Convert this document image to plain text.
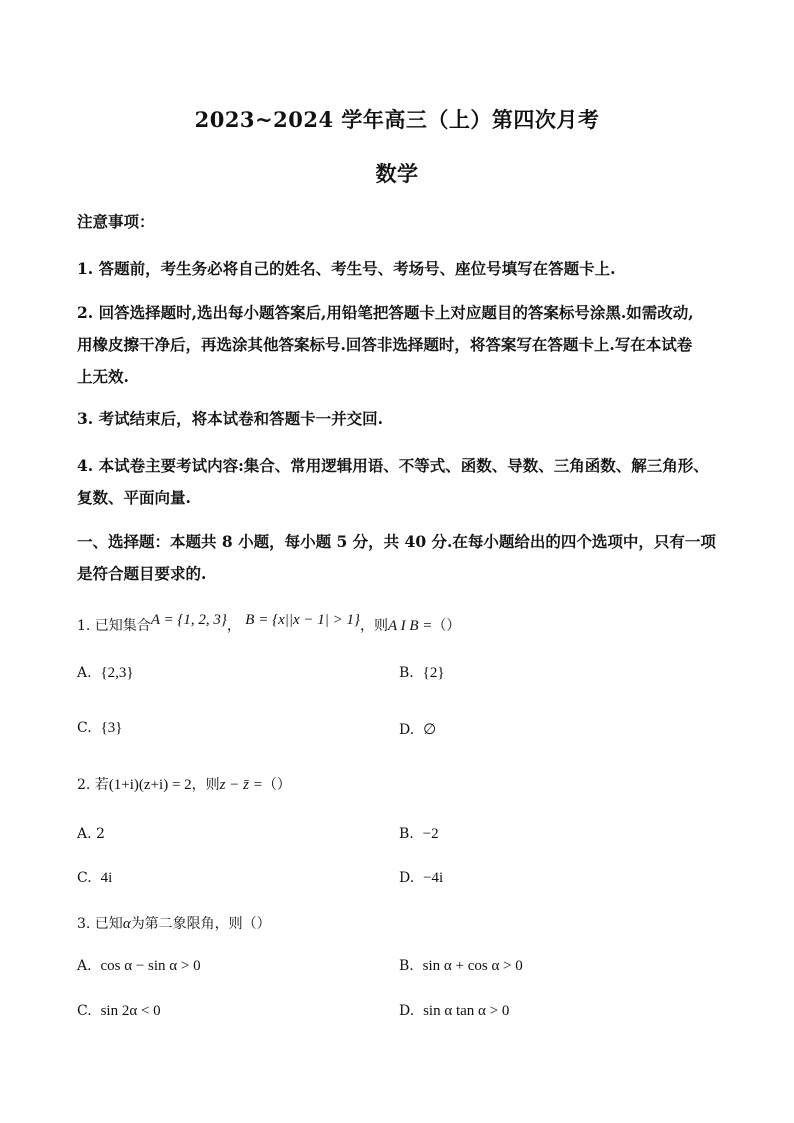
2023~2024 学年高三（上）第四次月考
数学
注意事项：
1. 答题前，考生务必将自己的姓名、考生号、考场号、座位号填写在答题卡上.
2. 回答选择题时,选出每小题答案后,用铅笔把答题卡上对应题目的答案标号涂黑.如需改动,
用橡皮擦干净后，再选涂其他答案标号.回答非选择题时，将答案写在答题卡上.写在本试卷
上无效.
3. 考试结束后，将本试卷和答题卡一并交回.
4. 本试卷主要考试内容:集合、常用逻辑用语、不等式、函数、导数、三角函数、解三角形、
复数、平面向量.
一、选择题：本题共 8 小题，每小题 5 分，共 40 分.在每小题给出的四个选项中，只有一项
是符合题目要求的.
1. 已知集合A = {1, 2, 3}， B = {x||x − 1| > 1}，则A I B =（）
A. {2,3}	B. {2}
C. {3}	D. ∅
2. 若(1+i)(z+i) = 2，则z − z̄ =（）
A. 2	B. −2
C. 4i	D. −4i
3. 已知α为第二象限角，则（）
A. cos α − sin α > 0	B. sin α + cos α > 0
C. sin 2α < 0	D. sin α tan α > 0
